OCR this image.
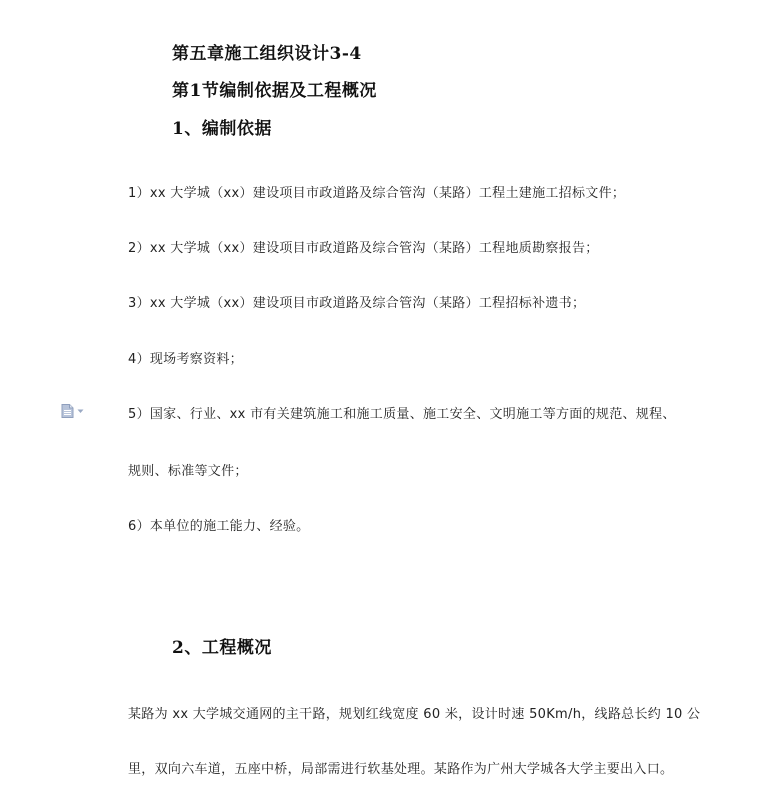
第五章施工组织设计3-4
第1节编制依据及工程概况
1、编制依据
1）xx 大学城（xx）建设项目市政道路及综合管沟（某路）工程土建施工招标文件；
2）xx 大学城（xx）建设项目市政道路及综合管沟（某路）工程地质勘察报告；
3）xx 大学城（xx）建设项目市政道路及综合管沟（某路）工程招标补遗书；
4）现场考察资料；
5）国家、行业、xx 市有关建筑施工和施工质量、施工安全、文明施工等方面的规范、规程、
规则、标准等文件；
6）本单位的施工能力、经验。
2、工程概况
某路为 xx 大学城交通网的主干路，规划红线宽度 60 米，设计时速 50Km/h，线路总长约 10 公
里，双向六车道，五座中桥，局部需进行软基处理。某路作为广州大学城各大学主要出入口。
